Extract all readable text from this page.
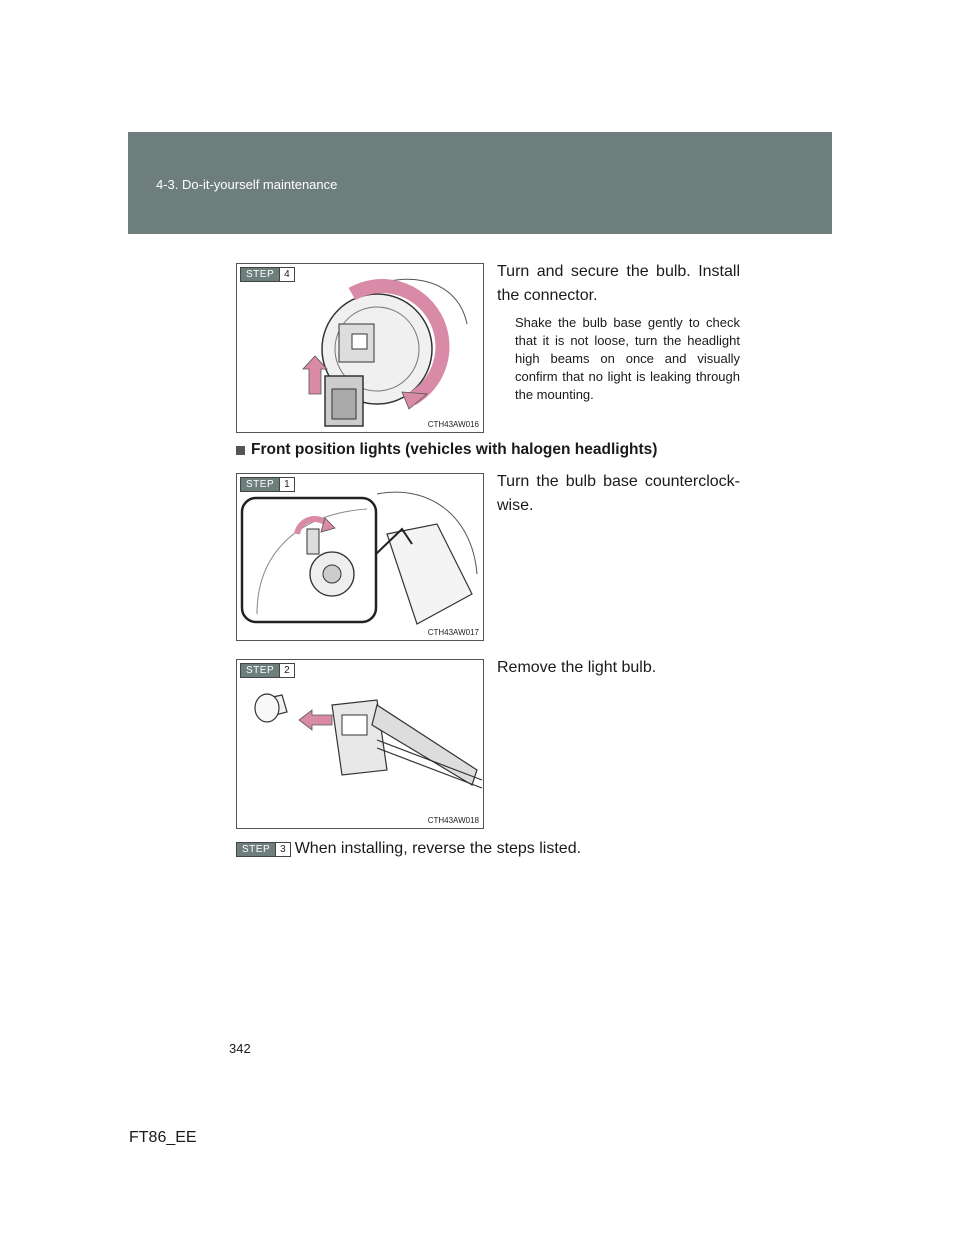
4-3. Do-it-yourself maintenance
STEP	4
CTH43AW016
Turn and secure the bulb. Install the connector.
Shake the bulb base gently to check that it is not loose, turn the headlight high beams on once and visually confirm that no light is leaking through the mounting.
Front position lights (vehicles with halogen headlights)
STEP	1
CTH43AW017
Turn the bulb base counterclock-wise.
STEP	2
CTH43AW018
Remove the light bulb.
STEP	3 When installing, reverse the steps listed.
342
FT86_EE
